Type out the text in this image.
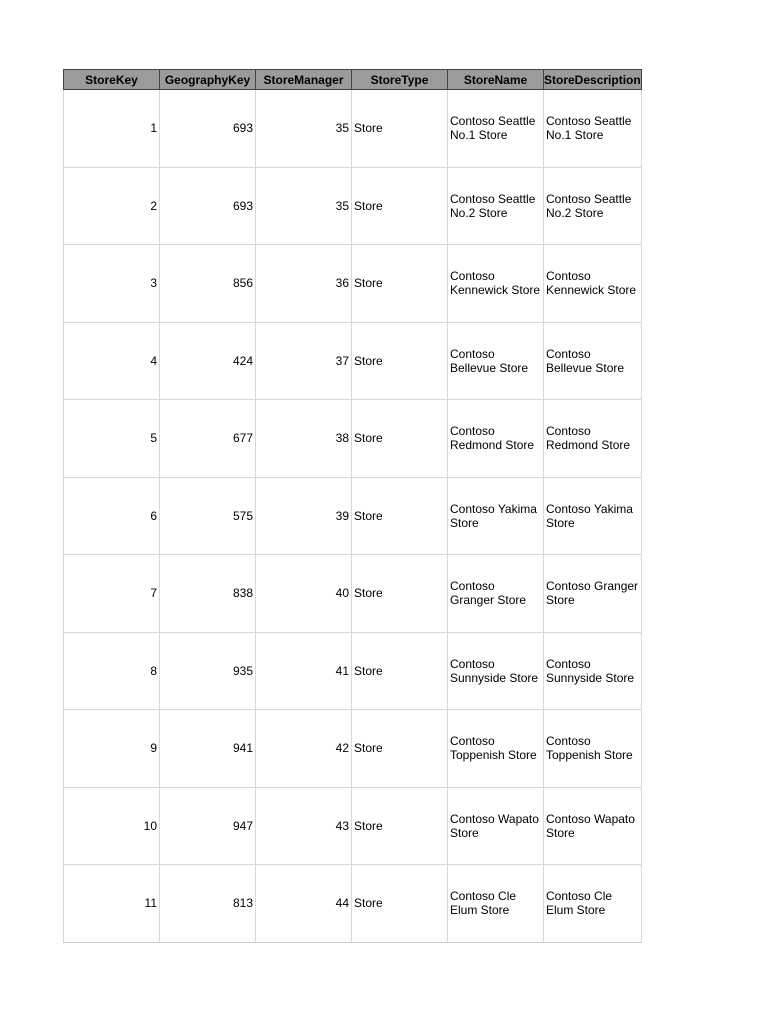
StoreKey	GeographyKey	StoreManager	StoreType	StoreName	StoreDescription
1	693	35	Store	Contoso Seattle No.1 Store	Contoso Seattle No.1 Store
2	693	35	Store	Contoso Seattle No.2 Store	Contoso Seattle No.2 Store
3	856	36	Store	Contoso Kennewick Store	Contoso Kennewick Store
4	424	37	Store	Contoso Bellevue Store	Contoso Bellevue Store
5	677	38	Store	Contoso Redmond Store	Contoso Redmond Store
6	575	39	Store	Contoso Yakima Store	Contoso Yakima Store
7	838	40	Store	Contoso Granger Store	Contoso Granger Store
8	935	41	Store	Contoso Sunnyside Store	Contoso Sunnyside Store
9	941	42	Store	Contoso Toppenish Store	Contoso Toppenish Store
10	947	43	Store	Contoso Wapato Store	Contoso Wapato Store
11	813	44	Store	Contoso Cle Elum Store	Contoso Cle Elum Store
